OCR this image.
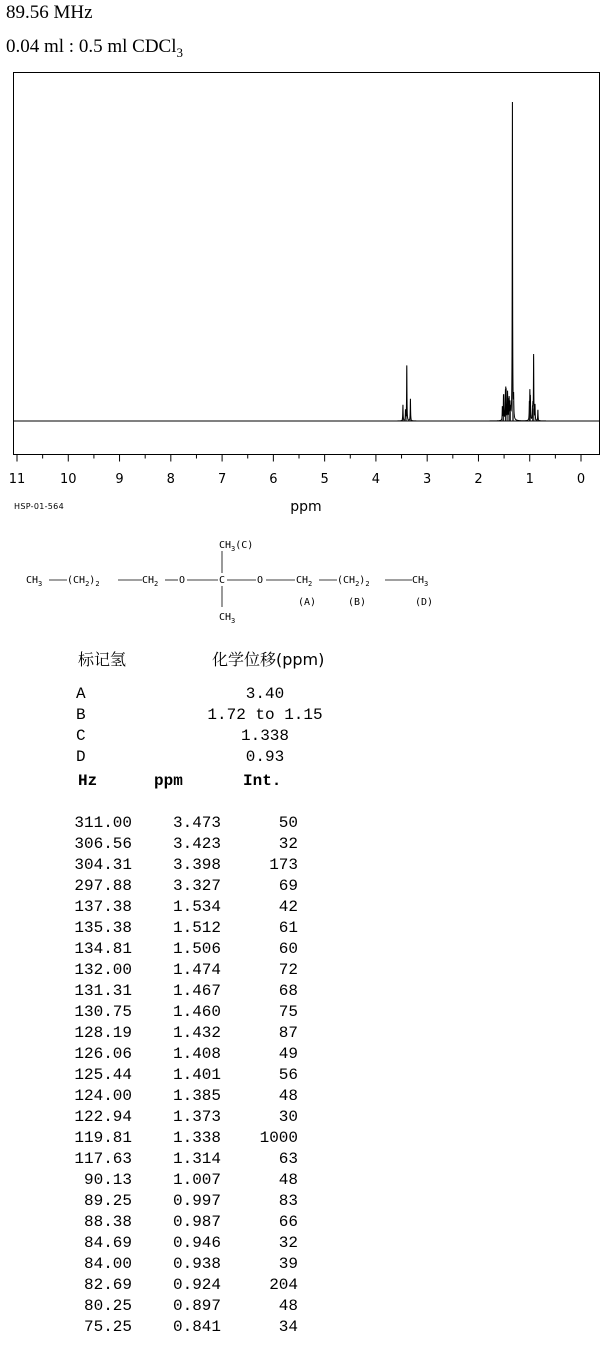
89.56 MHz
0.04 ml : 0.5 ml CDCl$_3$
11	10	9	8	7	6	5	4	3	2	1	0
ppm
HSP-01-564
$CH_3$ $(CH_2)_2$	$CH_2$ O	C
$CH_3(C)$
$CH_3$
O	$CH_2$ $(CH_2)_2$	$CH_3$
(A)	(B)	(D)
标记氢	化学位移(ppm)
A	3.40
B	1.72 to 1.15
C	1.338
D	0.93
Hz	ppm	Int.
311.00	3.473	50
306.56	3.423	32
304.31	3.398	173
297.88	3.327	69
137.38	1.534	42
135.38	1.512	61
134.81	1.506	60
132.00	1.474	72
131.31	1.467	68
130.75	1.460	75
128.19	1.432	87
126.06	1.408	49
125.44	1.401	56
124.00	1.385	48
122.94	1.373	30
119.81	1.338	1000
117.63	1.314	63
90.13	1.007	48
89.25	0.997	83
88.38	0.987	66
84.69	0.946	32
84.00	0.938	39
82.69	0.924	204
80.25	0.897	48
75.25	0.841	34
